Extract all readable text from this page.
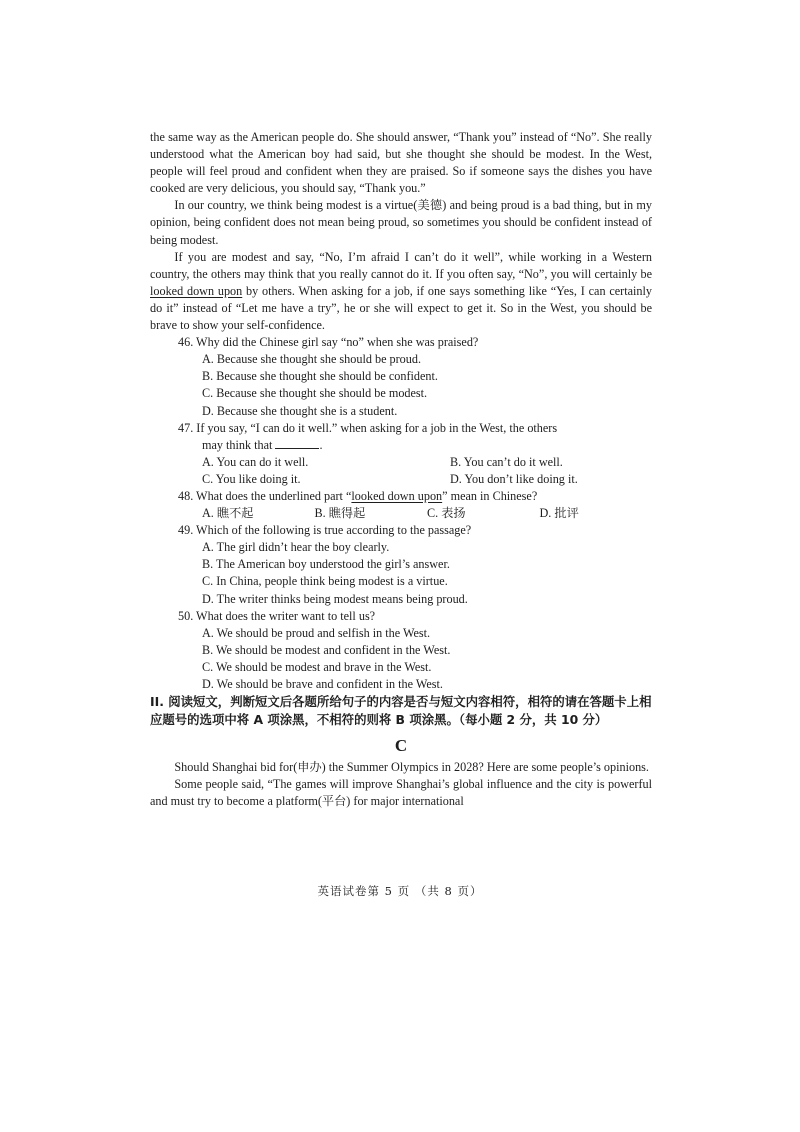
the same way as the American people do. She should answer, “Thank you” instead of “No”. She really understood what the American boy had said, but she thought she should be modest. In the West, people will feel proud and confident when they are praised. So if someone says the dishes you have cooked are very delicious, you should say, “Thank you.”

In our country, we think being modest is a virtue(美德) and being proud is a bad thing, but in my opinion, being confident does not mean being proud, so sometimes you should be confident instead of being modest.

If you are modest and say, “No, I’m afraid I can’t do it well”, while working in a Western country, the others may think that you really cannot do it. If you often say, “No”, you will certainly be looked down upon by others. When asking for a job, if one says something like “Yes, I can certainly do it” instead of “Let me have a try”, he or she will expect to get it. So in the West, you should be brave to show your self-confidence.

46. Why did the Chinese girl say “no” when she was praised?
A. Because she thought she should be proud.
B. Because she thought she should be confident.
C. Because she thought she should be modest.
D. Because she thought she is a student.
47. If you say, “I can do it well.” when asking for a job in the West, the others
may think that	.
A. You can do it well.	B. You can’t do it well.
C. You like doing it.	D. You don’t like doing it.
48. What does the underlined part “looked down upon” mean in Chinese?
A. 瞧不起	B. 瞧得起	C. 表扬	D. 批评
49. Which of the following is true according to the passage?
A. The girl didn’t hear the boy clearly.
B. The American boy understood the girl’s answer.
C. In China, people think being modest is a virtue.
D. The writer thinks being modest means being proud.
50. What does the writer want to tell us?
A. We should be proud and selfish in the West.
B. We should be modest and confident in the West.
C. We should be modest and brave in the West.
D. We should be brave and confident in the West.

II. 阅读短文，判断短文后各题所给句子的内容是否与短文内容相符，相符的请在答题卡上相应题号的选项中将 A 项涂黑，不相符的则将 B 项涂黑。（每小题 2 分，共 10 分）

C

Should Shanghai bid for(申办) the Summer Olympics in 2028? Here are some people’s opinions.

Some people said, “The games will improve Shanghai’s global influence and the city is powerful and must try to become a platform(平台) for major international

英语试卷第 5 页 （共 8 页）
